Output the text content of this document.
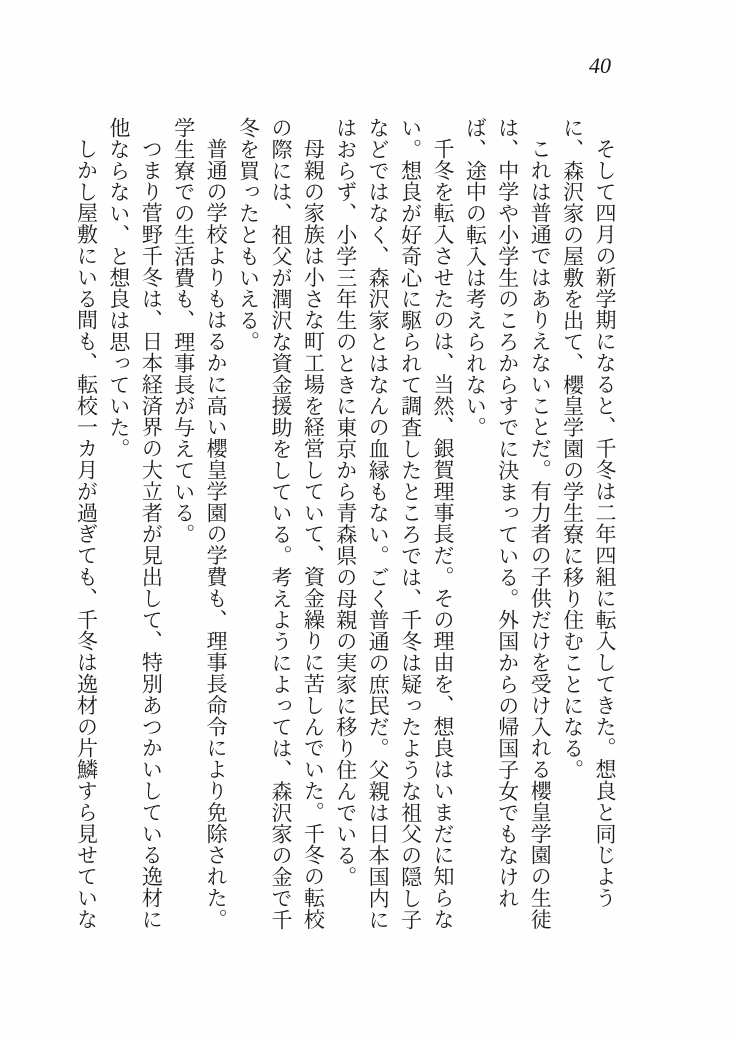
40

そして四月の新学期になると、千冬は二年四組に転入してきた。想良と同じように、森沢家の屋敷を出て、櫻皇学園の学生寮に移り住むことになる。

これは普通ではありえないことだ。有力者の子供だけを受け入れる櫻皇学園の生徒は、中学や小学生のころからすでに決まっている。外国からの帰国子女でもなければ、途中の転入は考えられない。

千冬を転入させたのは、当然、銀賀理事長だ。その理由を、想良はいまだに知らない。想良が好奇心に駆られて調査したところでは、千冬は疑ったような祖父の隠し子などではなく、森沢家とはなんの血縁もない。ごく普通の庶民だ。父親は日本国内にはおらず、小学三年生のときに東京から青森県の母親の実家に移り住んでいる。

母親の家族は小さな町工場を経営していて、資金繰りに苦しんでいた。千冬の転校の際には、祖父が潤沢な資金援助をしている。考えようによっては、森沢家の金で千冬を買ったともいえる。

普通の学校よりもはるかに高い櫻皇学園の学費も、理事長命令により免除された。学生寮での生活費も、理事長が与えている。

つまり菅野千冬は、日本経済界の大立者が見出して、特別あつかいしている逸材に他ならない、と想良は思っていた。

しかし屋敷にいる間も、転校一カ月が過ぎても、千冬は逸材の片鱗すら見せていな
